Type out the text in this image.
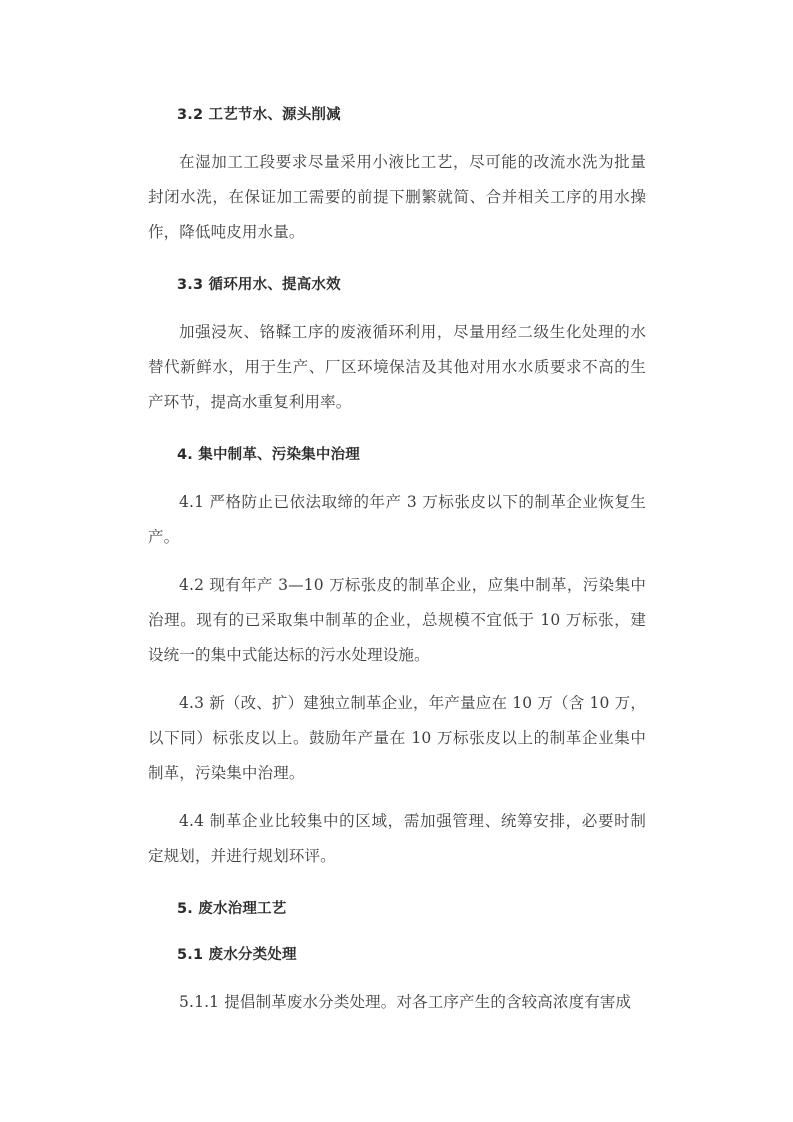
3.2 工艺节水、源头削减

在湿加工工段要求尽量采用小液比工艺，尽可能的改流水洗为批量封闭水洗，在保证加工需要的前提下删繁就简、合并相关工序的用水操作，降低吨皮用水量。

3.3 循环用水、提高水效

加强浸灰、铬鞣工序的废液循环利用，尽量用经二级生化处理的水替代新鲜水，用于生产、厂区环境保洁及其他对用水水质要求不高的生产环节，提高水重复利用率。

4. 集中制革、污染集中治理

4.1 严格防止已依法取缔的年产 3 万标张皮以下的制革企业恢复生产。

4.2 现有年产 3—10 万标张皮的制革企业，应集中制革，污染集中治理。现有的已采取集中制革的企业，总规模不宜低于 10 万标张，建设统一的集中式能达标的污水处理设施。

4.3 新（改、扩）建独立制革企业，年产量应在 10 万（含 10 万，以下同）标张皮以上。鼓励年产量在 10 万标张皮以上的制革企业集中制革，污染集中治理。

4.4 制革企业比较集中的区域，需加强管理、统筹安排，必要时制定规划，并进行规划环评。

5. 废水治理工艺
5.1 废水分类处理

5.1.1 提倡制革废水分类处理。对各工序产生的含较高浓度有害成
